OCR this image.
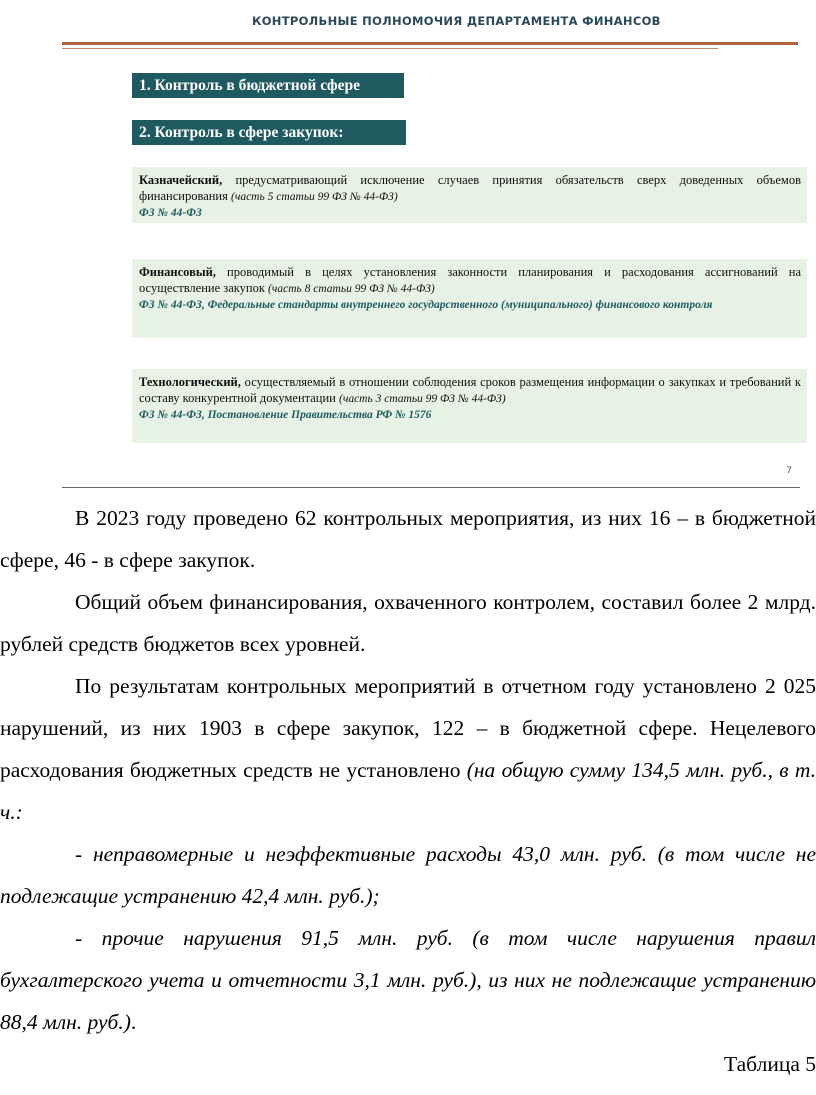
КОНТРОЛЬНЫЕ ПОЛНОМОЧИЯ ДЕПАРТАМЕНТА ФИНАНСОВ
1. Контроль в бюджетной сфере
2. Контроль в сфере закупок:
Казначейский, предусматривающий исключение случаев принятия обязательств сверх доведенных объемов финансирования (часть 5 статьи 99 ФЗ № 44-ФЗ)
ФЗ № 44-ФЗ
Финансовый, проводимый в целях установления законности планирования и расходования ассигнований на осуществление закупок (часть 8 статьи 99 ФЗ № 44-ФЗ)
ФЗ № 44-ФЗ, Федеральные стандарты внутреннего государственного (муниципального) финансового контроля
Технологический, осуществляемый в отношении соблюдения сроков размещения информации о закупках и требований к составу конкурентной документации (часть 3 статьи 99 ФЗ № 44-ФЗ)
ФЗ № 44-ФЗ, Постановление Правительства РФ № 1576
7

В 2023 году проведено 62 контрольных мероприятия, из них 16 – в бюджетной сфере, 46 - в сфере закупок.

Общий объем финансирования, охваченного контролем, составил более 2 млрд. рублей средств бюджетов всех уровней.

По результатам контрольных мероприятий в отчетном году установлено 2 025 нарушений, из них 1903 в сфере закупок, 122 – в бюджетной сфере. Нецелевого расходования бюджетных средств не установлено (на общую сумму 134,5 млн. руб., в т. ч.:

- неправомерные и неэффективные расходы 43,0 млн. руб. (в том числе не подлежащие устранению 42,4 млн. руб.);

- прочие нарушения 91,5 млн. руб. (в том числе нарушения правил бухгалтерского учета и отчетности 3,1 млн. руб.), из них не подлежащие устранению 88,4 млн. руб.).

Таблица 5
